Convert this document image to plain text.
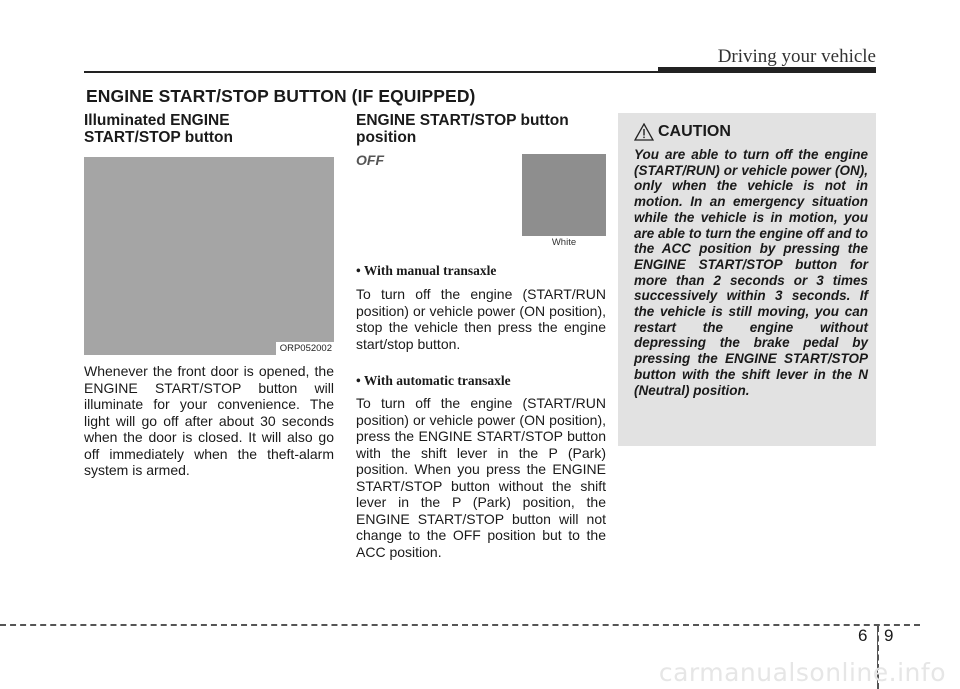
Driving your vehicle
ENGINE START/STOP BUTTON (IF EQUIPPED)
Illuminated ENGINE
START/STOP button
ORP052002

Whenever the front door is opened, the ENGINE START/STOP button will illuminate for your convenience. The light will go off after about 30 seconds when the door is closed. It will also go off immediately when the theft-alarm system is armed.

ENGINE START/STOP button
position
OFF
White
• With manual transaxle

To turn off the engine (START/RUN position) or vehicle power (ON position), stop the vehicle then press the engine start/stop button.

• With automatic transaxle

To turn off the engine (START/RUN position) or vehicle power (ON position), press the ENGINE START/STOP button with the shift lever in the P (Park) position. When you press the ENGINE START/STOP button without the shift lever in the P (Park) position, the ENGINE START/STOP button will not change to the OFF position but to the ACC position.

CAUTION

You are able to turn off the engine (START/RUN) or vehicle power (ON), only when the vehicle is not in motion. In an emergency situation while the vehicle is in motion, you are able to turn the engine off and to the ACC position by pressing the ENGINE START/STOP button for more than 2 seconds or 3 times successively within 3 seconds. If the vehicle is still moving, you can restart the engine without depressing the brake pedal by pressing the ENGINE START/STOP button with the shift lever in the N (Neutral) position.

6 9
carmanualsonline.info
